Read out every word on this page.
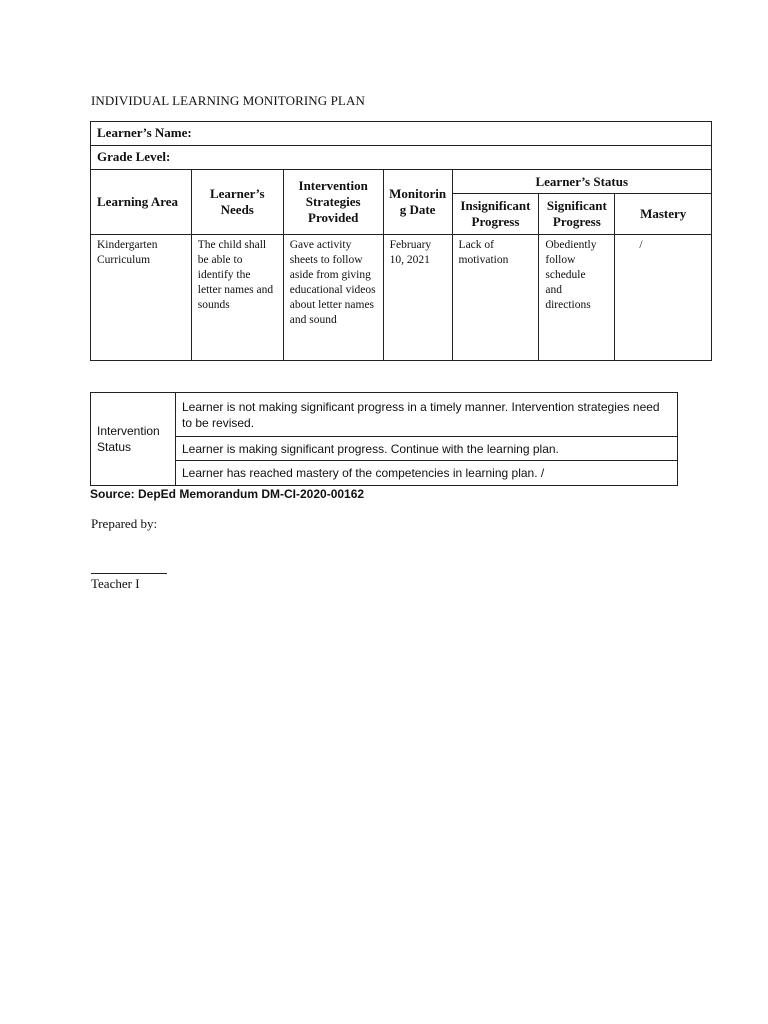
INDIVIDUAL LEARNING MONITORING PLAN
Learner’s Name:						
Grade Level:						
Learning Area	Learner’s Needs	Intervention Strategies Provided	Monitoring Date	Learner’s Status		
				Insignificant Progress	Significant Progress	Mastery
Kindergarten Curriculum	The child shall be able to identify the letter names and sounds	Gave activity sheets to follow aside from giving educational videos about letter names and sound	February 10, 2021	Lack of motivation	Obediently follow schedule and directions	/
Intervention Status	Learner is not making significant progress in a timely manner. Intervention strategies need to be revised.
Learner is making significant progress. Continue with the learning plan.
Learner has reached mastery of the competencies in learning plan. /
Source: DepEd Memorandum DM-CI-2020-00162
Prepared by:
Teacher I
